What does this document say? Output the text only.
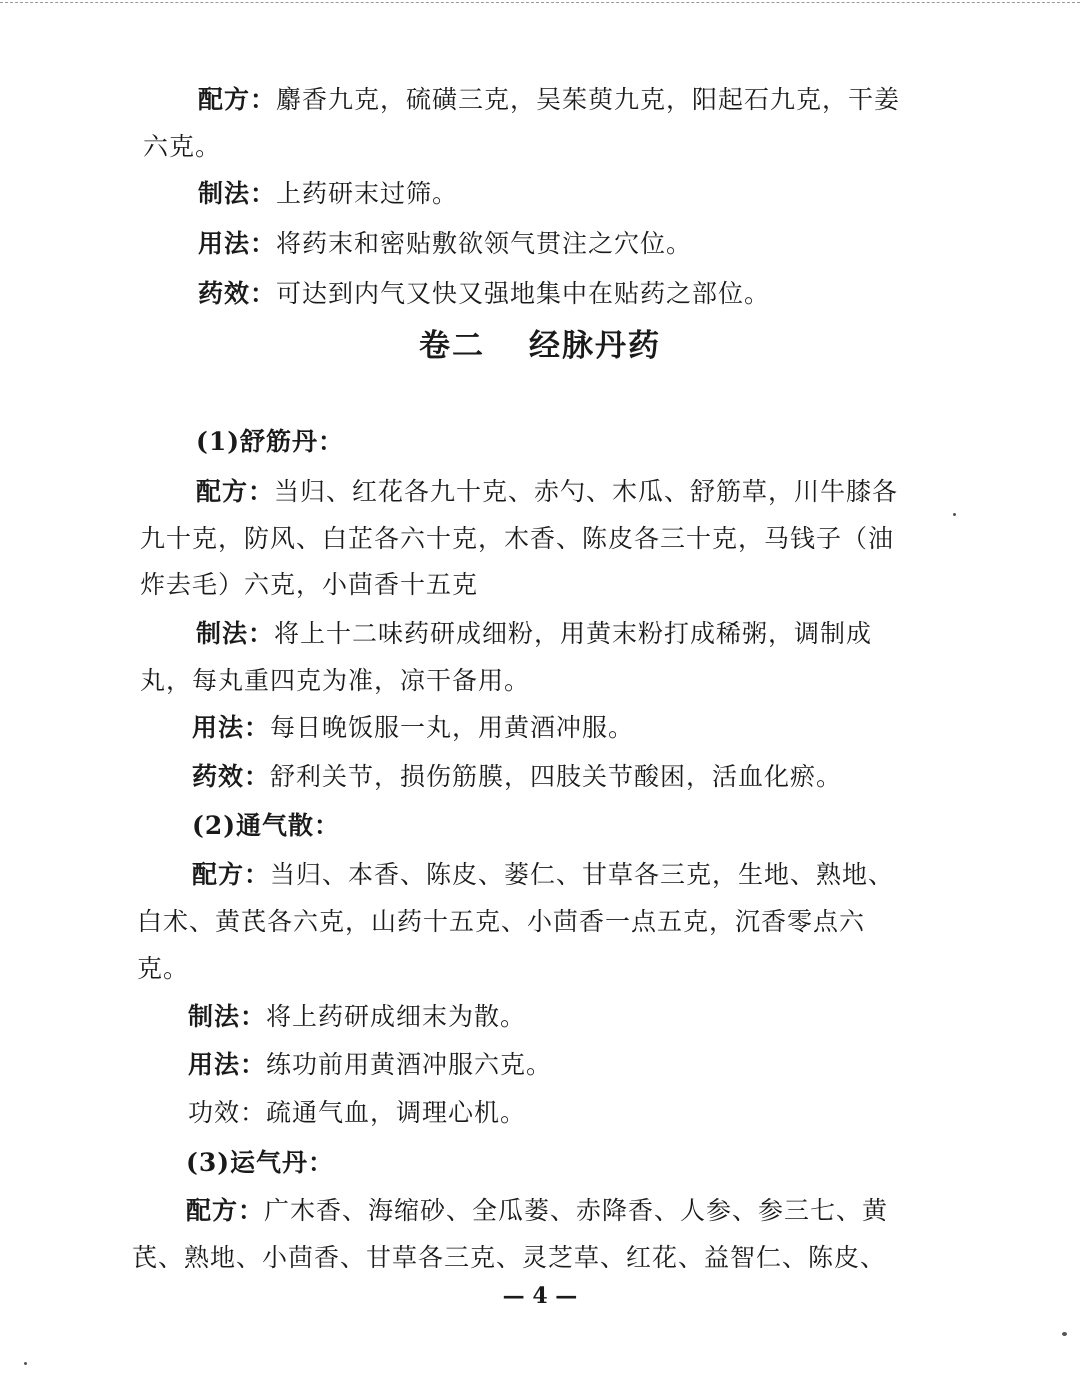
配方：麝香九克，硫磺三克，吴茱萸九克，阳起石九克，干姜
六克。
制法：上药研末过筛。
用法：将药末和密贴敷欲领气贯注之穴位。
药效：可达到内气又快又强地集中在贴药之部位。
卷二 经脉丹药
(1)舒筋丹：
配方：当归、红花各九十克、赤勺、木瓜、舒筋草，川牛膝各
九十克，防风、白芷各六十克，木香、陈皮各三十克，马钱子（油
炸去毛）六克，小茴香十五克
制法：将上十二味药研成细粉，用黄末粉打成稀粥，调制成
丸，每丸重四克为准，凉干备用。
用法：每日晚饭服一丸，用黄酒冲服。
药效：舒利关节，损伤筋膜，四肢关节酸困，活血化瘀。
(2)通气散：
配方：当归、本香、陈皮、蒌仁、甘草各三克，生地、熟地、
白术、黄芪各六克，山药十五克、小茴香一点五克，沉香零点六
克。
制法：将上药研成细末为散。
用法：练功前用黄酒冲服六克。
功效：疏通气血，调理心机。
(3)运气丹：
配方：广木香、海缩砂、全瓜蒌、赤降香、人参、参三七、黄
芪、熟地、小茴香、甘草各三克、灵芝草、红花、益智仁、陈皮、
— 4 —
